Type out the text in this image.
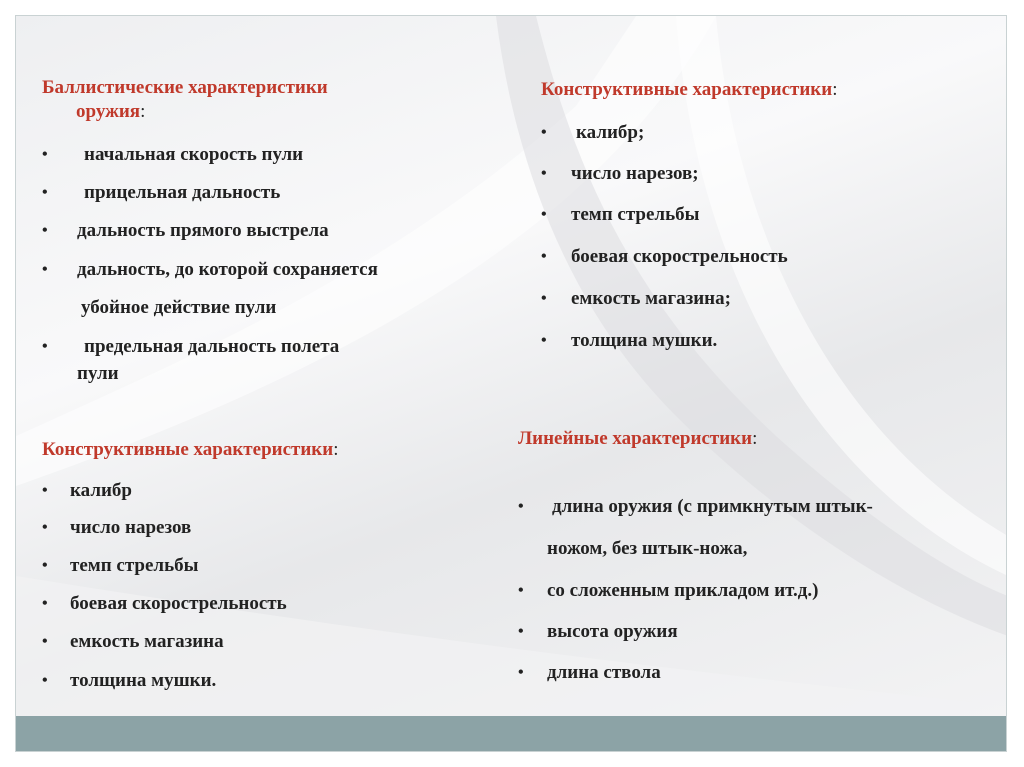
Баллистические характеристики
оружия:
• начальная скорость пули
• прицельная дальность
• дальность прямого выстрела
• дальность, до которой сохраняется
убойное действие пули
• предельная дальность полета
пули
Конструктивные характеристики:
• калибр
• число нарезов
• темп стрельбы
• боевая скорострельность
• емкость магазина
• толщина мушки.
Конструктивные характеристики:
• калибр;
• число нарезов;
• темп стрельбы
• боевая скорострельность
• емкость магазина;
• толщина мушки.
Линейные характеристики:
• длина оружия (с примкнутым штык-
ножом, без штык-ножа,
• со сложенным прикладом ит.д.)
• высота оружия
• длина ствола
